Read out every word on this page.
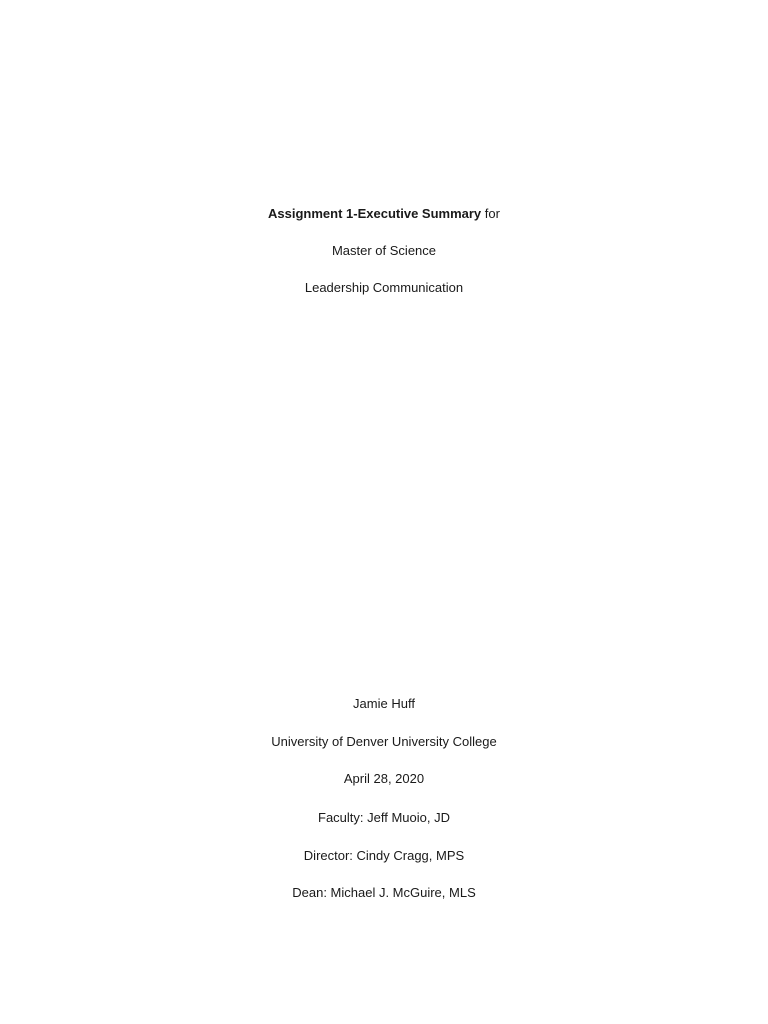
Assignment 1-Executive Summary for
Master of Science
Leadership Communication
Jamie Huff
University of Denver University College
April 28, 2020
Faculty: Jeff Muoio, JD
Director: Cindy Cragg, MPS
Dean: Michael J. McGuire, MLS
